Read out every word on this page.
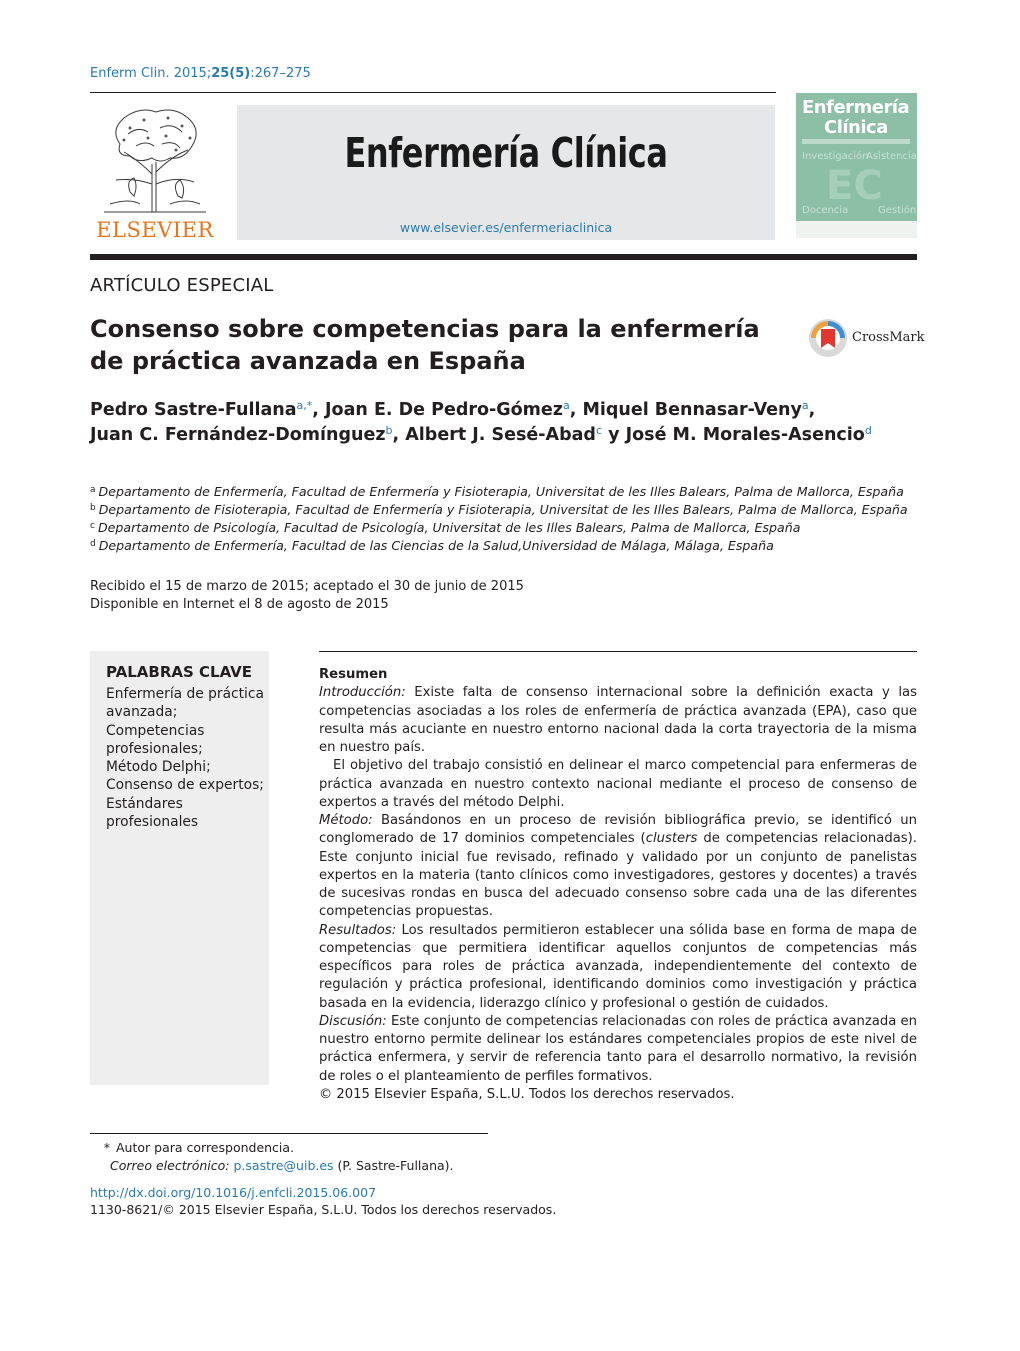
Enferm Clin. 2015;25(5):267–275
ELSEVIER
Enfermería Clínica
www.elsevier.es/enfermeriaclinica
Enfermería
Clínica
Investigación
Asistencia
EC
Docencia	Gestión
ARTÍCULO ESPECIAL
Consenso sobre competencias para la enfermería de práctica avanzada en España
CrossMark
Pedro Sastre-Fullana$^{a,*}$, Joan E. De Pedro-Gómez$^a$, Miquel Bennasar-Veny$^a$,
Juan C. Fernández-Domínguez$^b$, Albert J. Sesé-Abad$^c$ y José M. Morales-Asencio$^d$
$^a$ Departamento de Enfermería, Facultad de Enfermería y Fisioterapia, Universitat de les Illes Balears, Palma de Mallorca, España
$^b$ Departamento de Fisioterapia, Facultad de Enfermería y Fisioterapia, Universitat de les Illes Balears, Palma de Mallorca, España
$^c$ Departamento de Psicología, Facultad de Psicología, Universitat de les Illes Balears, Palma de Mallorca, España
$^d$ Departamento de Enfermería, Facultad de las Ciencias de la Salud,Universidad de Málaga, Málaga, España
Recibido el 15 de marzo de 2015; aceptado el 30 de junio de 2015
Disponible en Internet el 8 de agosto de 2015
PALABRAS CLAVE
Enfermería de práctica avanzada;
Competencias profesionales;
Método Delphi;
Consenso de expertos;
Estándares profesionales

Resumen

Introducción: Existe falta de consenso internacional sobre la definición exacta y las competencias asociadas a los roles de enfermería de práctica avanzada (EPA), caso que resulta más acuciante en nuestro entorno nacional dada la corta trayectoria de la misma en nuestro país.

El objetivo del trabajo consistió en delinear el marco competencial para enfermeras de práctica avanzada en nuestro contexto nacional mediante el proceso de consenso de expertos a través del método Delphi.

Método: Basándonos en un proceso de revisión bibliográfica previo, se identificó un conglomerado de 17 dominios competenciales (clusters de competencias relacionadas). Este conjunto inicial fue revisado, refinado y validado por un conjunto de panelistas expertos en la materia (tanto clínicos como investigadores, gestores y docentes) a través de sucesivas rondas en busca del adecuado consenso sobre cada una de las diferentes competencias propuestas.

Resultados: Los resultados permitieron establecer una sólida base en forma de mapa de competencias que permitiera identificar aquellos conjuntos de competencias más específicos para roles de práctica avanzada, independientemente del contexto de regulación y práctica profesional, identificando dominios como investigación y práctica basada en la evidencia, liderazgo clínico y profesional o gestión de cuidados.

Discusión: Este conjunto de competencias relacionadas con roles de práctica avanzada en nuestro entorno permite delinear los estándares competenciales propios de este nivel de práctica enfermera, y servir de referencia tanto para el desarrollo normativo, la revisión de roles o el planteamiento de perfiles formativos.

© 2015 Elsevier España, S.L.U. Todos los derechos reservados.

* Autor para correspondencia.
Correo electrónico: p.sastre@uib.es (P. Sastre-Fullana).
http://dx.doi.org/10.1016/j.enfcli.2015.06.007
1130-8621/© 2015 Elsevier España, S.L.U. Todos los derechos reservados.
